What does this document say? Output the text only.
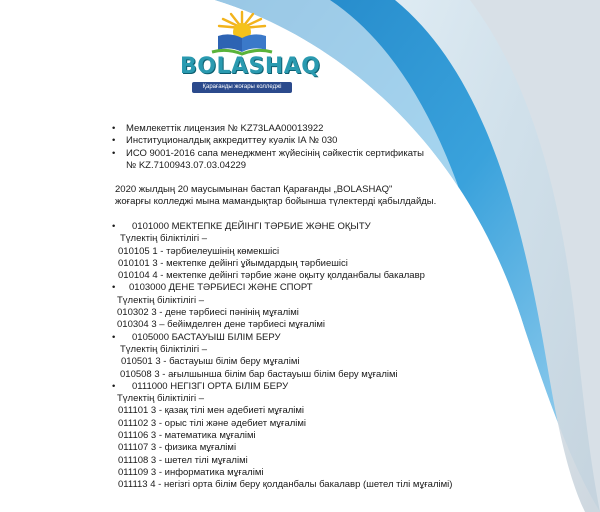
BOLASHAQ
Қарағанды жоғары колледжі
• Мемлекеттік лицензия № KZ73LAA00013922
• Институционалдық аккредиттеу куәлік IA № 030
• ИСО 9001-2016 сапа менеджмент жүйесінің сәйкестік сертификаты
№ KZ.7100943.07.03.04229
2020 жылдың 20 маусымынан бастап Қарағанды „BOLASHAQ"
жоғарғы колледжі мына мамандықтар бойынша түлектерді қабылдайды.
• 0101000 МЕКТЕПКЕ ДЕЙІНГІ ТӘРБИЕ ЖӘНЕ ОҚЫТУ
Түлектің біліктілігі –
010105 1 - тәрбиелеушінің көмекшісі
010101 3 - мектепке дейінгі ұйымдардың тәрбиешісі
010104 4 - мектепке дейінгі тәрбие және оқыту қолданбалы бакалавр
• 0103000 ДЕНЕ ТӘРБИЕСІ ЖӘНЕ СПОРТ
Түлектің біліктілігі –
010302 3 - дене тәрбиесі пәнінің мұғалімі
010304 3 – бейімделген дене тәрбиесі мұғалімі
• 0105000 БАСТАУЫШ БІЛІМ БЕРУ
Түлектің біліктілігі –
010501 3 - бастауыш білім беру мұғалімі
010508 3 - ағылшынша білім бар бастауыш білім беру мұғалімі
• 0111000 НЕГІЗГІ ОРТА БІЛІМ БЕРУ
Түлектің біліктілігі –
011101 3 - қазақ тілі мен әдебиеті мұғалімі
011102 3 - орыс тілі және әдебиет мұғалімі
011106 3 - математика мұғалімі
011107 3 - физика мұғалімі
011108 3 - шетел тілі мұғалімі
011109 3 - информатика мұғалімі
011113 4 - негізгі орта білім беру қолданбалы бакалавр (шетел тілі мұғалімі)
